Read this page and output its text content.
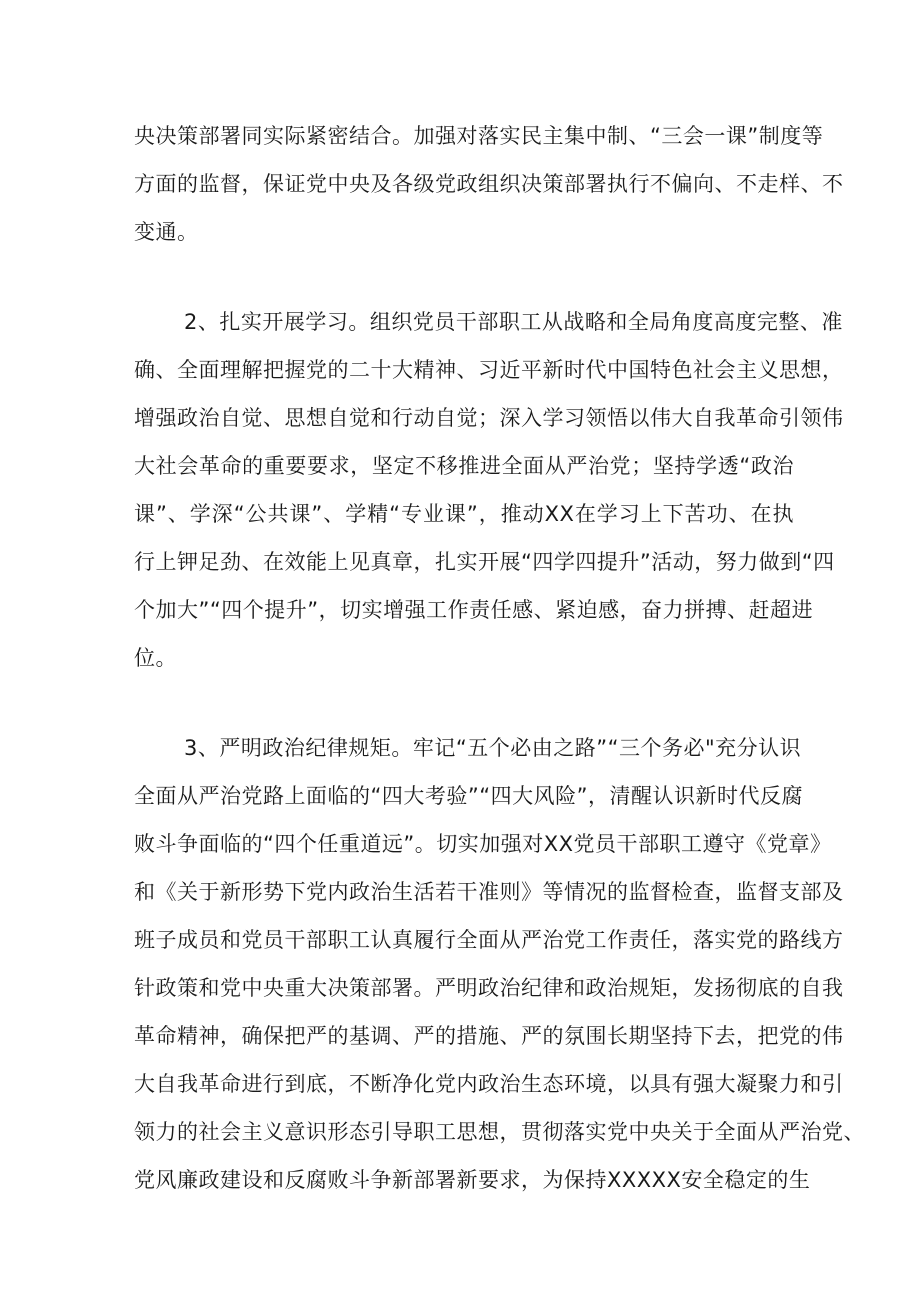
央决策部署同实际紧密结合。加强对落实民主集中制、“三会一课”制度等
方面的监督，保证党中央及各级党政组织决策部署执行不偏向、不走样、不
变通。
2、扎实开展学习。组织党员干部职工从战略和全局角度高度完整、准
确、全面理解把握党的二十大精神、习近平新时代中国特色社会主义思想，
增强政治自觉、思想自觉和行动自觉；深入学习领悟以伟大自我革命引领伟
大社会革命的重要要求，坚定不移推进全面从严治党；坚持学透“政治
课”、学深“公共课”、学精“专业课”，推动XX在学习上下苦功、在执
行上钾足劲、在效能上见真章，扎实开展“四学四提升”活动，努力做到“四
个加大”“四个提升”，切实增强工作责任感、紧迫感，奋力拼搏、赶超进
位。
3、严明政治纪律规矩。牢记“五个必由之路”“三个务必"充分认识
全面从严治党路上面临的“四大考验”“四大风险”，清醒认识新时代反腐
败斗争面临的“四个任重道远”。切实加强对XX党员干部职工遵守《党章》
和《关于新形势下党内政治生活若干准则》等情况的监督检查，监督支部及
班子成员和党员干部职工认真履行全面从严治党工作责任，落实党的路线方
针政策和党中央重大决策部署。严明政治纪律和政治规矩，发扬彻底的自我
革命精神，确保把严的基调、严的措施、严的氛围长期坚持下去，把党的伟
大自我革命进行到底，不断净化党内政治生态环境，以具有强大凝聚力和引
领力的社会主义意识形态引导职工思想，贯彻落实党中央关于全面从严治党、
党风廉政建设和反腐败斗争新部署新要求，为保持XXXXX安全稳定的生
